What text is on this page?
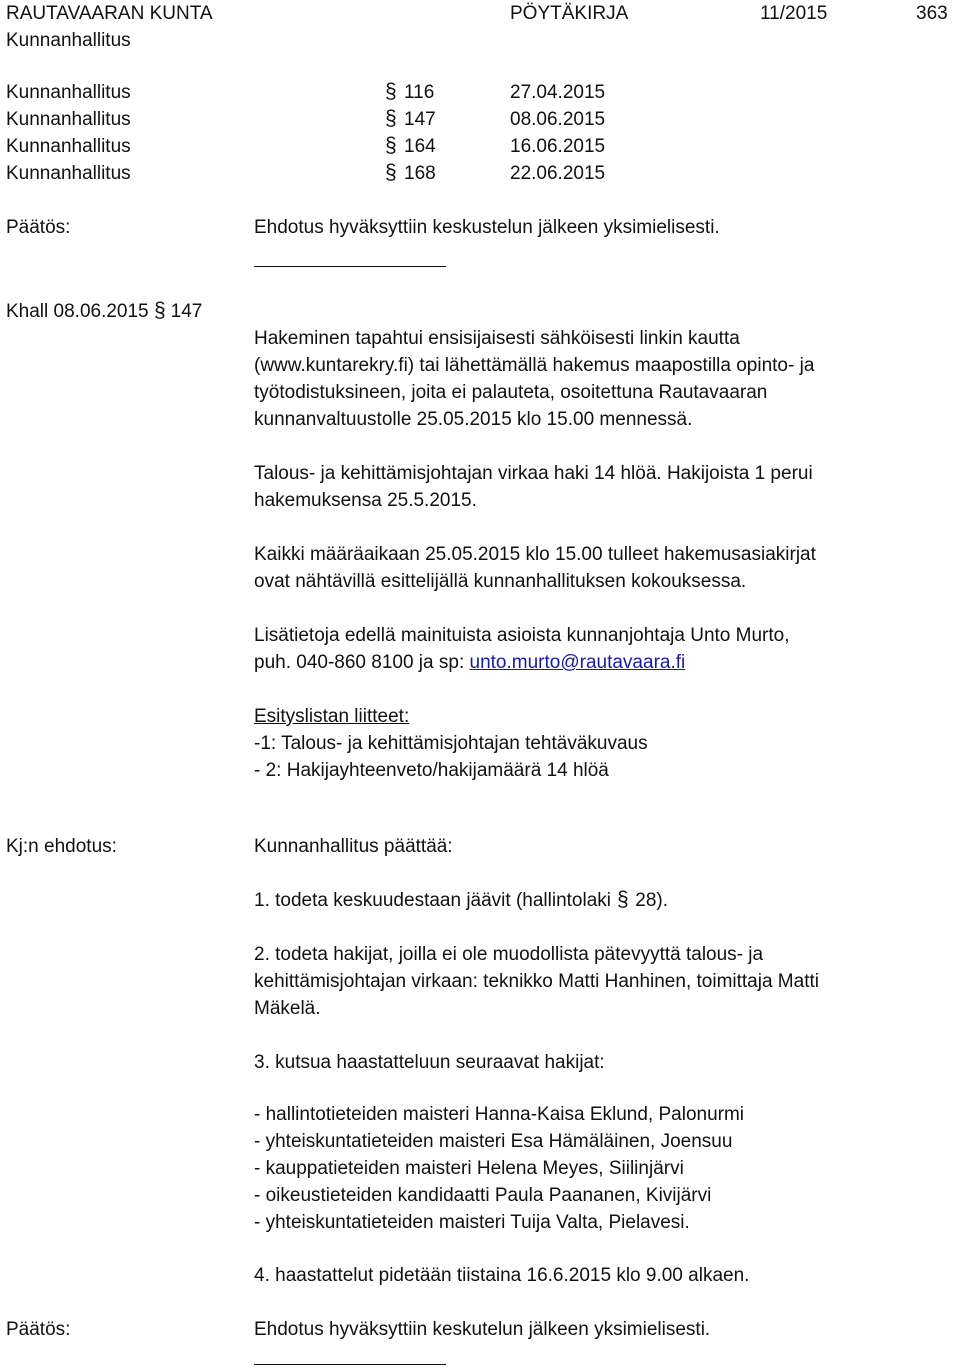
RAUTAVAARAN KUNTA	PÖYTÄKIRJA	11/2015	363
Kunnanhallitus
Kunnanhallitus	§ 116	27.04.2015
Kunnanhallitus	§ 147	08.06.2015
Kunnanhallitus	§ 164	16.06.2015
Kunnanhallitus	§ 168	22.06.2015
Päätös:	Ehdotus hyväksyttiin keskustelun jälkeen yksimielisesti.
Khall 08.06.2015 § 147
Hakeminen tapahtui ensisijaisesti sähköisesti linkin kautta
(www.kuntarekry.fi) tai lähettämällä hakemus maapostilla opinto- ja
työtodistuksineen, joita ei palauteta, osoitettuna Rautavaaran
kunnanvaltuustolle 25.05.2015 klo 15.00 mennessä.
Talous- ja kehittämisjohtajan virkaa haki 14 hlöä. Hakijoista 1 perui
hakemuksensa 25.5.2015.
Kaikki määräaikaan 25.05.2015 klo 15.00 tulleet hakemusasiakirjat
ovat nähtävillä esittelijällä kunnanhallituksen kokouksessa.
Lisätietoja edellä mainituista asioista kunnanjohtaja Unto Murto,
puh. 040-860 8100 ja sp: unto.murto@rautavaara.fi
Esityslistan liitteet:
-1: Talous- ja kehittämisjohtajan tehtäväkuvaus
- 2: Hakijayhteenveto/hakijamäärä 14 hlöä
Kj:n ehdotus:	Kunnanhallitus päättää:
1. todeta keskuudestaan jäävit (hallintolaki § 28).
2. todeta hakijat, joilla ei ole muodollista pätevyyttä talous- ja
kehittämisjohtajan virkaan: teknikko Matti Hanhinen, toimittaja Matti
Mäkelä.
3. kutsua haastatteluun seuraavat hakijat:
- hallintotieteiden maisteri Hanna-Kaisa Eklund, Palonurmi
- yhteiskuntatieteiden maisteri Esa Hämäläinen, Joensuu
- kauppatieteiden maisteri Helena Meyes, Siilinjärvi
- oikeustieteiden kandidaatti Paula Paananen, Kivijärvi
- yhteiskuntatieteiden maisteri Tuija Valta, Pielavesi.
4. haastattelut pidetään tiistaina 16.6.2015 klo 9.00 alkaen.
Päätös:	Ehdotus hyväksyttiin keskutelun jälkeen yksimielisesti.
